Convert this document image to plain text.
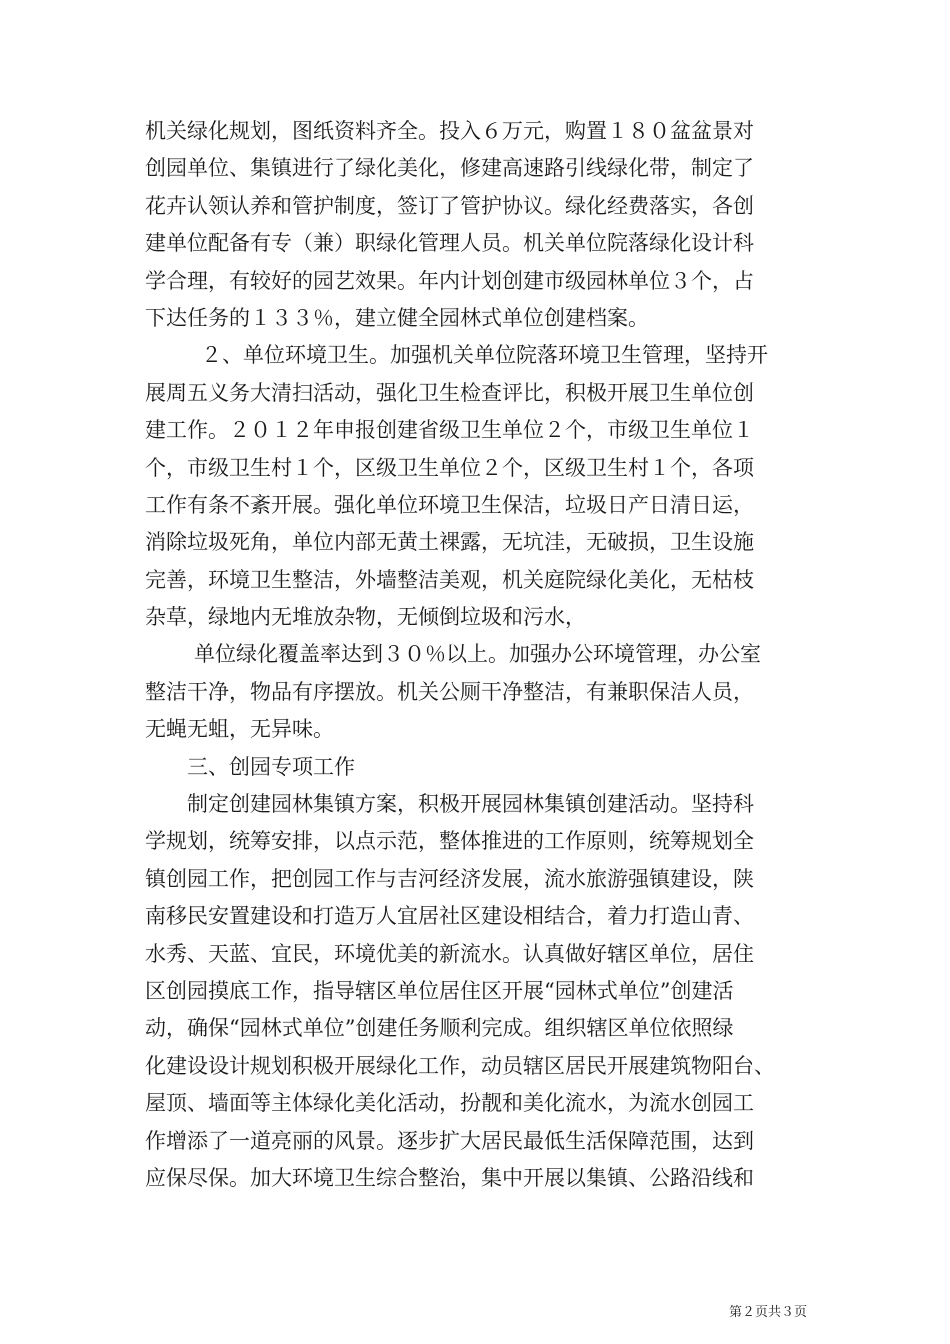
机关绿化规划，图纸资料齐全。投入６万元，购置１８０盆盆景对
创园单位、集镇进行了绿化美化，修建高速路引线绿化带，制定了
花卉认领认养和管护制度，签订了管护协议。绿化经费落实，各创
建单位配备有专（兼）职绿化管理人员。机关单位院落绿化设计科
学合理，有较好的园艺效果。年内计划创建市级园林单位３个，占
下达任务的１３３％，建立健全园林式单位创建档案。
２、单位环境卫生。加强机关单位院落环境卫生管理，坚持开
展周五义务大清扫活动，强化卫生检查评比，积极开展卫生单位创
建工作。２０１２年申报创建省级卫生单位２个，市级卫生单位１
个，市级卫生村１个，区级卫生单位２个，区级卫生村１个，各项
工作有条不紊开展。强化单位环境卫生保洁，垃圾日产日清日运，
消除垃圾死角，单位内部无黄土裸露，无坑洼，无破损，卫生设施
完善，环境卫生整洁，外墙整洁美观，机关庭院绿化美化，无枯枝
杂草，绿地内无堆放杂物，无倾倒垃圾和污水，
单位绿化覆盖率达到３０％以上。加强办公环境管理，办公室
整洁干净，物品有序摆放。机关公厕干净整洁，有兼职保洁人员，
无蝇无蛆，无异味。
三、创园专项工作
制定创建园林集镇方案，积极开展园林集镇创建活动。坚持科
学规划，统筹安排，以点示范，整体推进的工作原则，统筹规划全
镇创园工作，把创园工作与吉河经济发展，流水旅游强镇建设，陕
南移民安置建设和打造万人宜居社区建设相结合，着力打造山青、
水秀、天蓝、宜民，环境优美的新流水。认真做好辖区单位，居住
区创园摸底工作，指导辖区单位居住区开展“园林式单位”创建活
动，确保“园林式单位”创建任务顺利完成。组织辖区单位依照绿
化建设设计规划积极开展绿化工作，动员辖区居民开展建筑物阳台、
屋顶、墙面等主体绿化美化活动，扮靓和美化流水，为流水创园工
作增添了一道亮丽的风景。逐步扩大居民最低生活保障范围，达到
应保尽保。加大环境卫生综合整治，集中开展以集镇、公路沿线和
第２页共３页
